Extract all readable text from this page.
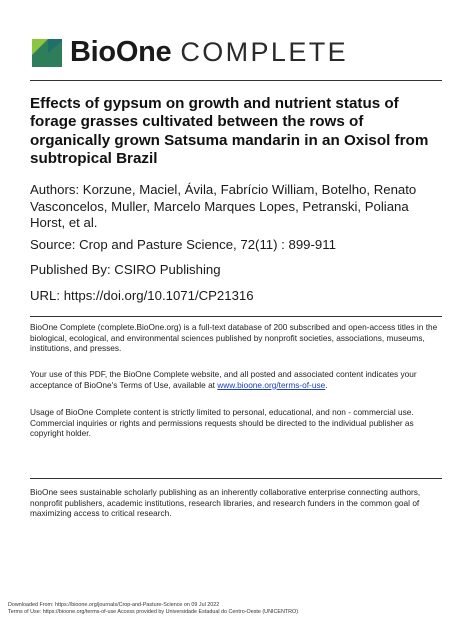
BioOne COMPLETE
Effects of gypsum on growth and nutrient status of forage grasses cultivated between the rows of organically grown Satsuma mandarin in an Oxisol from subtropical Brazil
Authors: Korzune, Maciel, Ávila, Fabrício William, Botelho, Renato Vasconcelos, Muller, Marcelo Marques Lopes, Petranski, Poliana Horst, et al.
Source: Crop and Pasture Science, 72(11) : 899-911
Published By: CSIRO Publishing
URL: https://doi.org/10.1071/CP21316
BioOne Complete (complete.BioOne.org) is a full-text database of 200 subscribed and open-access titles in the biological, ecological, and environmental sciences published by nonprofit societies, associations, museums, institutions, and presses.
Your use of this PDF, the BioOne Complete website, and all posted and associated content indicates your acceptance of BioOne's Terms of Use, available at www.bioone.org/terms-of-use.
Usage of BioOne Complete content is strictly limited to personal, educational, and non - commercial use. Commercial inquiries or rights and permissions requests should be directed to the individual publisher as copyright holder.
BioOne sees sustainable scholarly publishing as an inherently collaborative enterprise connecting authors, nonprofit publishers, academic institutions, research libraries, and research funders in the common goal of maximizing access to critical research.
Downloaded From: https://bioone.org/journals/Crop-and-Pasture-Science on 09 Jul 2022
Terms of Use: https://bioone.org/terms-of-use Access provided by Universidade Estadual do Centro-Oeste (UNICENTRO)
